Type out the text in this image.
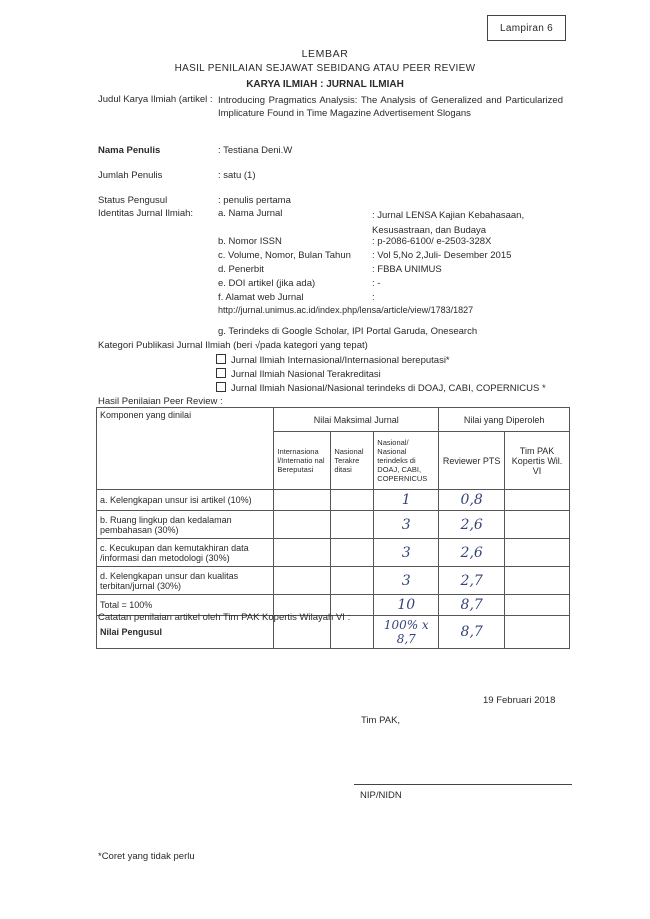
Lampiran 6
LEMBAR
HASIL PENILAIAN SEJAWAT SEBIDANG ATAU PEER REVIEW
KARYA ILMIAH : JURNAL ILMIAH
Judul Karya Ilmiah (artikel : Introducing Pragmatics Analysis: The Analysis of Generalized and Particularized Implicature Found in Time Magazine Advertisement Slogans
Nama Penulis	: Testiana Deni.W
Jumlah Penulis	: satu (1)
Status Pengusul	: penulis pertama
Identitas Jurnal Ilmiah:	a. Nama Jurnal	: Jurnal LENSA Kajian Kebahasaan, Kesusastraan, dan Budaya
b. Nomor ISSN	: p-2086-6100/ e-2503-328X
c. Volume, Nomor, Bulan Tahun : Vol 5,No 2,Juli- Desember 2015
d. Penerbit	: FBBA UNIMUS
e. DOI artikel (jika ada)	: -
f. Alamat web Jurnal	:
http://jurnal.unimus.ac.id/index.php/lensa/article/view/1783/1827
g. Terindeks di Google Scholar, IPI Portal Garuda, Onesearch
Kategori Publikasi Jurnal Ilmiah (beri √pada kategori yang tepat)
Jurnal Ilmiah Internasional/Internasional bereputasi*
Jurnal Ilmiah Nasional Terakreditasi
Jurnal Ilmiah Nasional/Nasional terindeks di DOAJ, CABI, COPERNICUS *
Hasil Penilaian Peer Review :
Komponen yang dinilai	Nilai Maksimal Jurnal			Nilai yang Diperoleh	
	Internasiona l/Internatio nal Bereputasi	Nasional Terakre ditasi	Nasional/ Nasional terindeks di DOAJ, CABI, COPERNICUS	Reviewer PTS	Tim PAK Kopertis Wil. VI
a. Kelengkapan unsur isi artikel (10%)			1	0,8	
b. Ruang lingkup dan kedalaman pembahasan (30%)			3	2,6	
c. Kecukupan dan kemutakhiran data /informasi dan metodologi (30%)			3	2,6	
d. Kelengkapan unsur dan kualitas terbitan/jurnal (30%)			3	2,7	
Total = 100%			10	8,7	
Nilai Pengusul			100% x 8,7	8,7	
Catatan penilaian artikel oleh Tim PAK Kopertis Wilayah VI :
19 Februari 2018
Tim PAK,
NIP/NIDN
*Coret yang tidak perlu
